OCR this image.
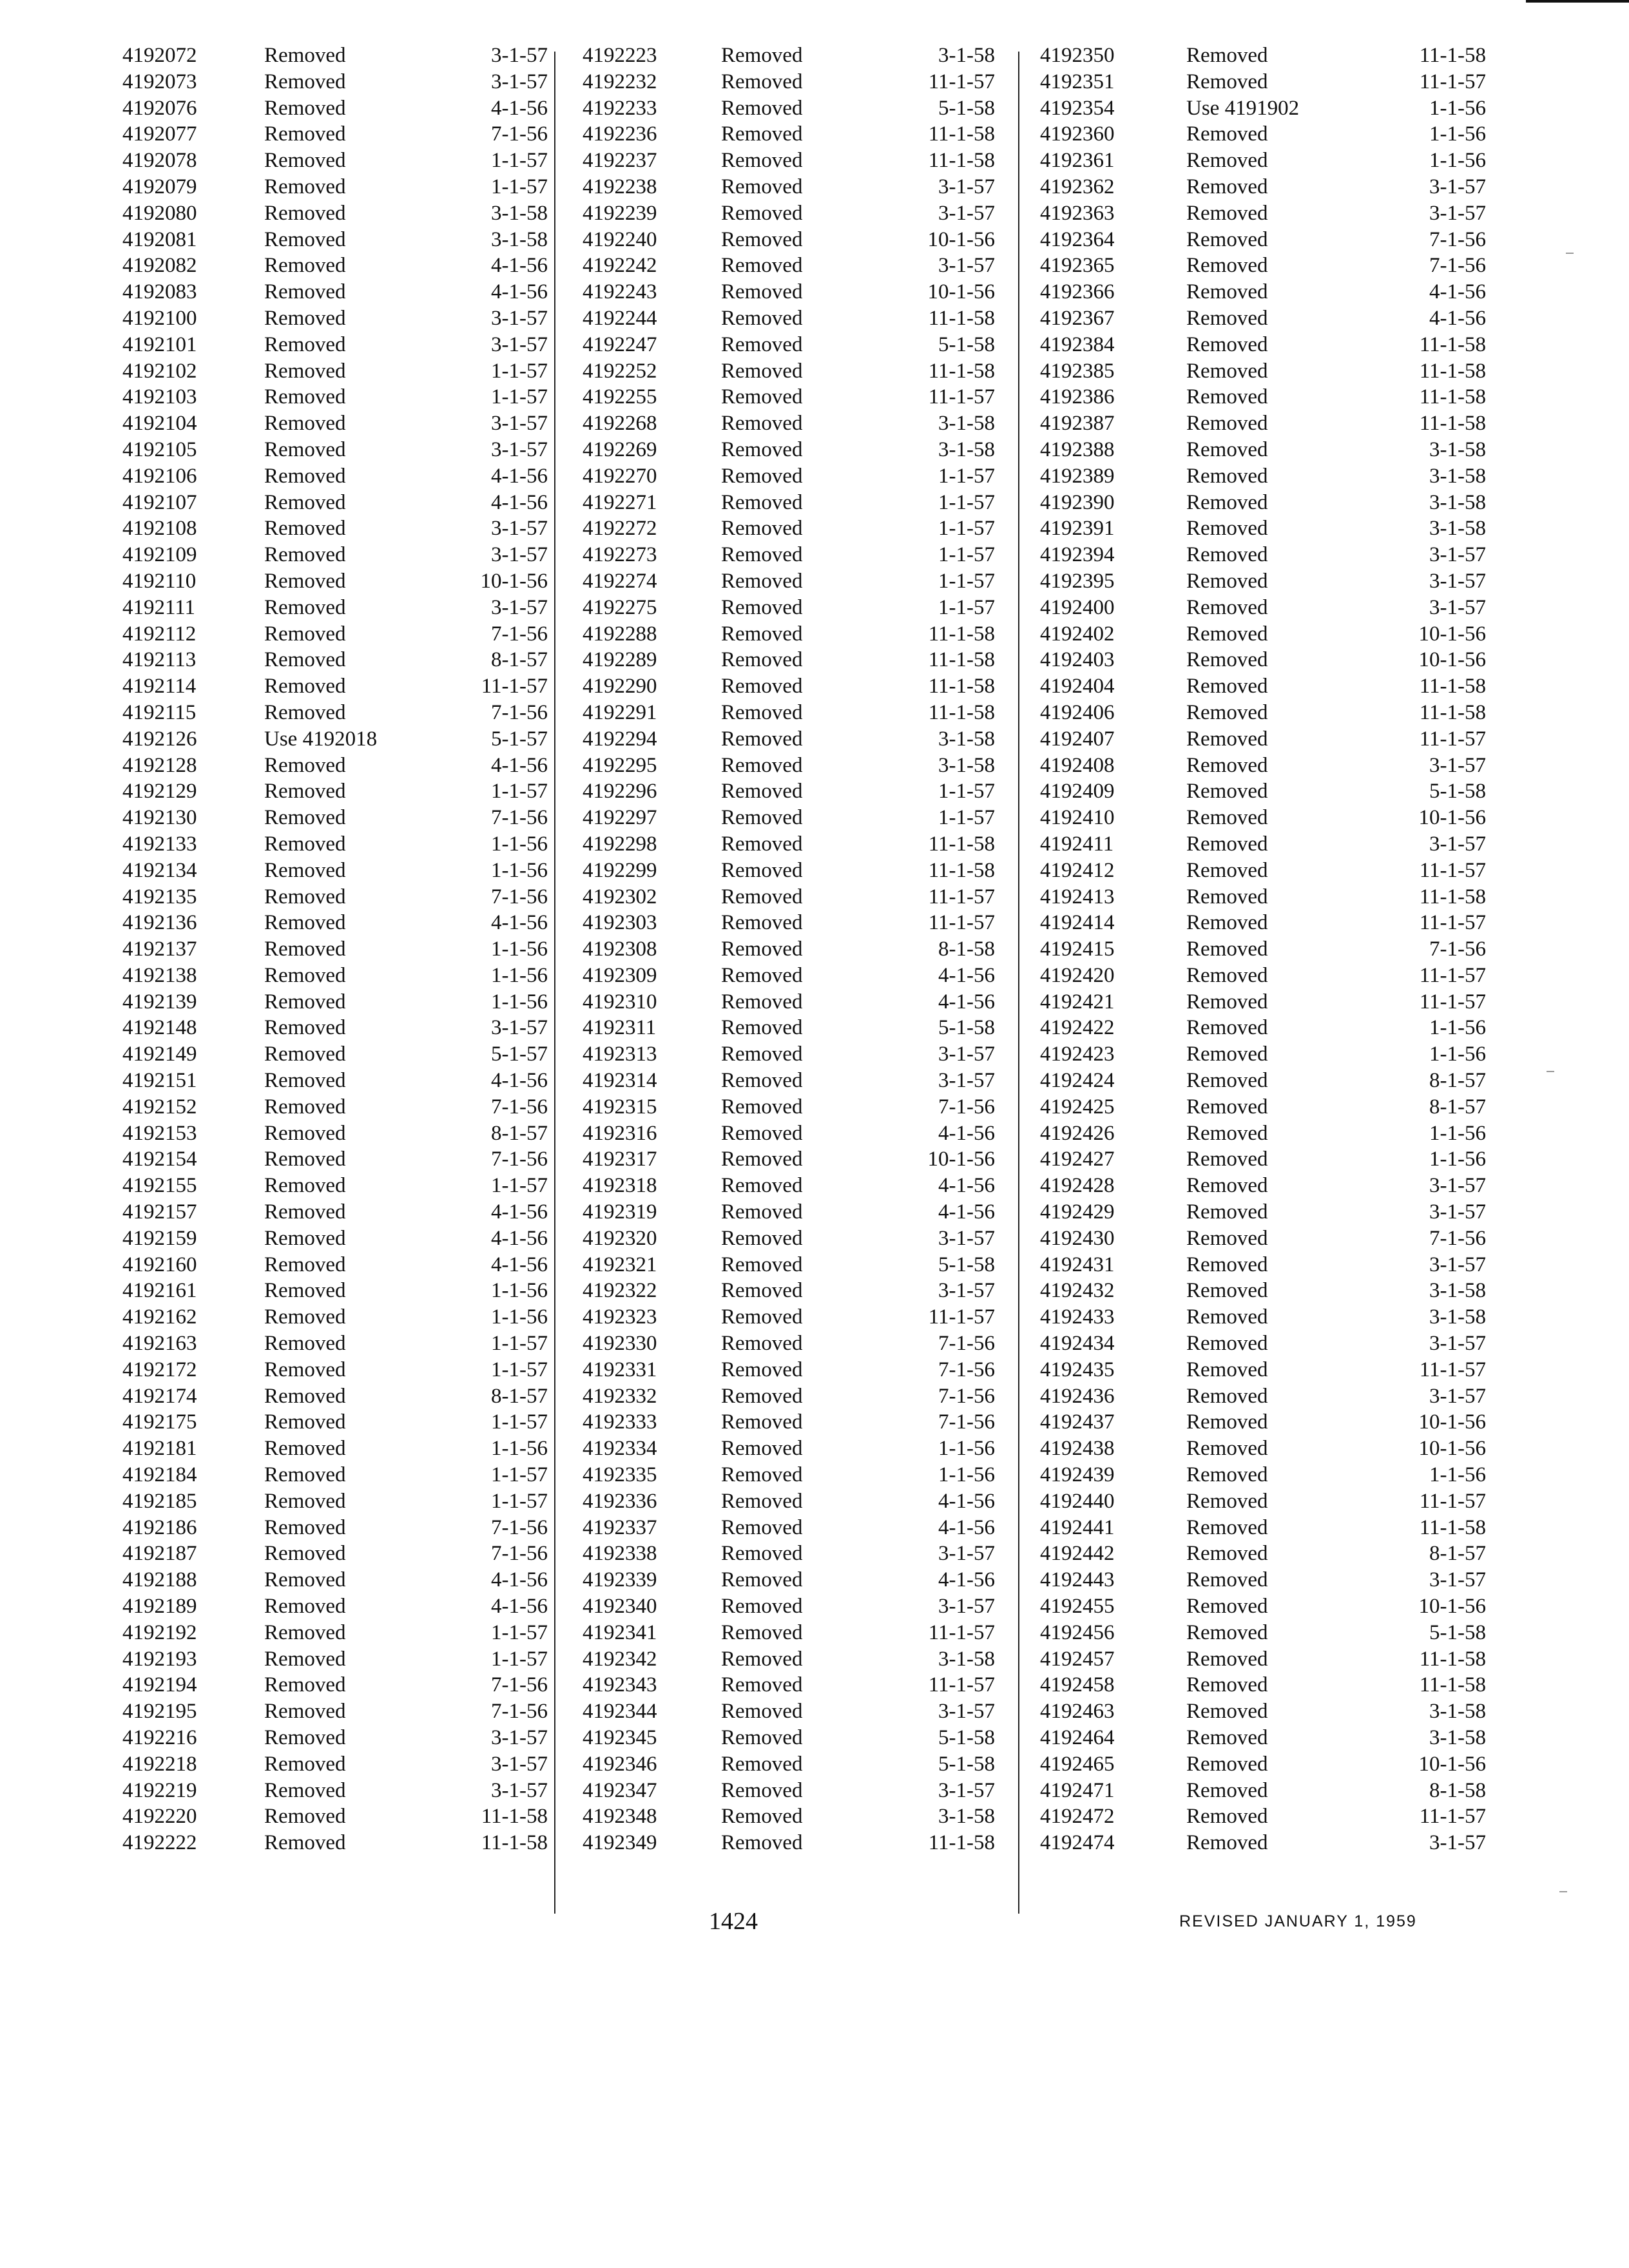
4192072	Removed	3-1-57
4192073	Removed	3-1-57
4192076	Removed	4-1-56
4192077	Removed	7-1-56
4192078	Removed	1-1-57
4192079	Removed	1-1-57
4192080	Removed	3-1-58
4192081	Removed	3-1-58
4192082	Removed	4-1-56
4192083	Removed	4-1-56
4192100	Removed	3-1-57
4192101	Removed	3-1-57
4192102	Removed	1-1-57
4192103	Removed	1-1-57
4192104	Removed	3-1-57
4192105	Removed	3-1-57
4192106	Removed	4-1-56
4192107	Removed	4-1-56
4192108	Removed	3-1-57
4192109	Removed	3-1-57
4192110	Removed	10-1-56
4192111	Removed	3-1-57
4192112	Removed	7-1-56
4192113	Removed	8-1-57
4192114	Removed	11-1-57
4192115	Removed	7-1-56
4192126	Use 4192018	5-1-57
4192128	Removed	4-1-56
4192129	Removed	1-1-57
4192130	Removed	7-1-56
4192133	Removed	1-1-56
4192134	Removed	1-1-56
4192135	Removed	7-1-56
4192136	Removed	4-1-56
4192137	Removed	1-1-56
4192138	Removed	1-1-56
4192139	Removed	1-1-56
4192148	Removed	3-1-57
4192149	Removed	5-1-57
4192151	Removed	4-1-56
4192152	Removed	7-1-56
4192153	Removed	8-1-57
4192154	Removed	7-1-56
4192155	Removed	1-1-57
4192157	Removed	4-1-56
4192159	Removed	4-1-56
4192160	Removed	4-1-56
4192161	Removed	1-1-56
4192162	Removed	1-1-56
4192163	Removed	1-1-57
4192172	Removed	1-1-57
4192174	Removed	8-1-57
4192175	Removed	1-1-57
4192181	Removed	1-1-56
4192184	Removed	1-1-57
4192185	Removed	1-1-57
4192186	Removed	7-1-56
4192187	Removed	7-1-56
4192188	Removed	4-1-56
4192189	Removed	4-1-56
4192192	Removed	1-1-57
4192193	Removed	1-1-57
4192194	Removed	7-1-56
4192195	Removed	7-1-56
4192216	Removed	3-1-57
4192218	Removed	3-1-57
4192219	Removed	3-1-57
4192220	Removed	11-1-58
4192222	Removed	11-1-58
4192223	Removed	3-1-58
4192232	Removed	11-1-57
4192233	Removed	5-1-58
4192236	Removed	11-1-58
4192237	Removed	11-1-58
4192238	Removed	3-1-57
4192239	Removed	3-1-57
4192240	Removed	10-1-56
4192242	Removed	3-1-57
4192243	Removed	10-1-56
4192244	Removed	11-1-58
4192247	Removed	5-1-58
4192252	Removed	11-1-58
4192255	Removed	11-1-57
4192268	Removed	3-1-58
4192269	Removed	3-1-58
4192270	Removed	1-1-57
4192271	Removed	1-1-57
4192272	Removed	1-1-57
4192273	Removed	1-1-57
4192274	Removed	1-1-57
4192275	Removed	1-1-57
4192288	Removed	11-1-58
4192289	Removed	11-1-58
4192290	Removed	11-1-58
4192291	Removed	11-1-58
4192294	Removed	3-1-58
4192295	Removed	3-1-58
4192296	Removed	1-1-57
4192297	Removed	1-1-57
4192298	Removed	11-1-58
4192299	Removed	11-1-58
4192302	Removed	11-1-57
4192303	Removed	11-1-57
4192308	Removed	8-1-58
4192309	Removed	4-1-56
4192310	Removed	4-1-56
4192311	Removed	5-1-58
4192313	Removed	3-1-57
4192314	Removed	3-1-57
4192315	Removed	7-1-56
4192316	Removed	4-1-56
4192317	Removed	10-1-56
4192318	Removed	4-1-56
4192319	Removed	4-1-56
4192320	Removed	3-1-57
4192321	Removed	5-1-58
4192322	Removed	3-1-57
4192323	Removed	11-1-57
4192330	Removed	7-1-56
4192331	Removed	7-1-56
4192332	Removed	7-1-56
4192333	Removed	7-1-56
4192334	Removed	1-1-56
4192335	Removed	1-1-56
4192336	Removed	4-1-56
4192337	Removed	4-1-56
4192338	Removed	3-1-57
4192339	Removed	4-1-56
4192340	Removed	3-1-57
4192341	Removed	11-1-57
4192342	Removed	3-1-58
4192343	Removed	11-1-57
4192344	Removed	3-1-57
4192345	Removed	5-1-58
4192346	Removed	5-1-58
4192347	Removed	3-1-57
4192348	Removed	3-1-58
4192349	Removed	11-1-58
4192350	Removed	11-1-58
4192351	Removed	11-1-57
4192354	Use 4191902	1-1-56
4192360	Removed	1-1-56
4192361	Removed	1-1-56
4192362	Removed	3-1-57
4192363	Removed	3-1-57
4192364	Removed	7-1-56
4192365	Removed	7-1-56
4192366	Removed	4-1-56
4192367	Removed	4-1-56
4192384	Removed	11-1-58
4192385	Removed	11-1-58
4192386	Removed	11-1-58
4192387	Removed	11-1-58
4192388	Removed	3-1-58
4192389	Removed	3-1-58
4192390	Removed	3-1-58
4192391	Removed	3-1-58
4192394	Removed	3-1-57
4192395	Removed	3-1-57
4192400	Removed	3-1-57
4192402	Removed	10-1-56
4192403	Removed	10-1-56
4192404	Removed	11-1-58
4192406	Removed	11-1-58
4192407	Removed	11-1-57
4192408	Removed	3-1-57
4192409	Removed	5-1-58
4192410	Removed	10-1-56
4192411	Removed	3-1-57
4192412	Removed	11-1-57
4192413	Removed	11-1-58
4192414	Removed	11-1-57
4192415	Removed	7-1-56
4192420	Removed	11-1-57
4192421	Removed	11-1-57
4192422	Removed	1-1-56
4192423	Removed	1-1-56
4192424	Removed	8-1-57
4192425	Removed	8-1-57
4192426	Removed	1-1-56
4192427	Removed	1-1-56
4192428	Removed	3-1-57
4192429	Removed	3-1-57
4192430	Removed	7-1-56
4192431	Removed	3-1-57
4192432	Removed	3-1-58
4192433	Removed	3-1-58
4192434	Removed	3-1-57
4192435	Removed	11-1-57
4192436	Removed	3-1-57
4192437	Removed	10-1-56
4192438	Removed	10-1-56
4192439	Removed	1-1-56
4192440	Removed	11-1-57
4192441	Removed	11-1-58
4192442	Removed	8-1-57
4192443	Removed	3-1-57
4192455	Removed	10-1-56
4192456	Removed	5-1-58
4192457	Removed	11-1-58
4192458	Removed	11-1-58
4192463	Removed	3-1-58
4192464	Removed	3-1-58
4192465	Removed	10-1-56
4192471	Removed	8-1-58
4192472	Removed	11-1-57
4192474	Removed	3-1-57
1424	REVISED JANUARY 1, 1959
